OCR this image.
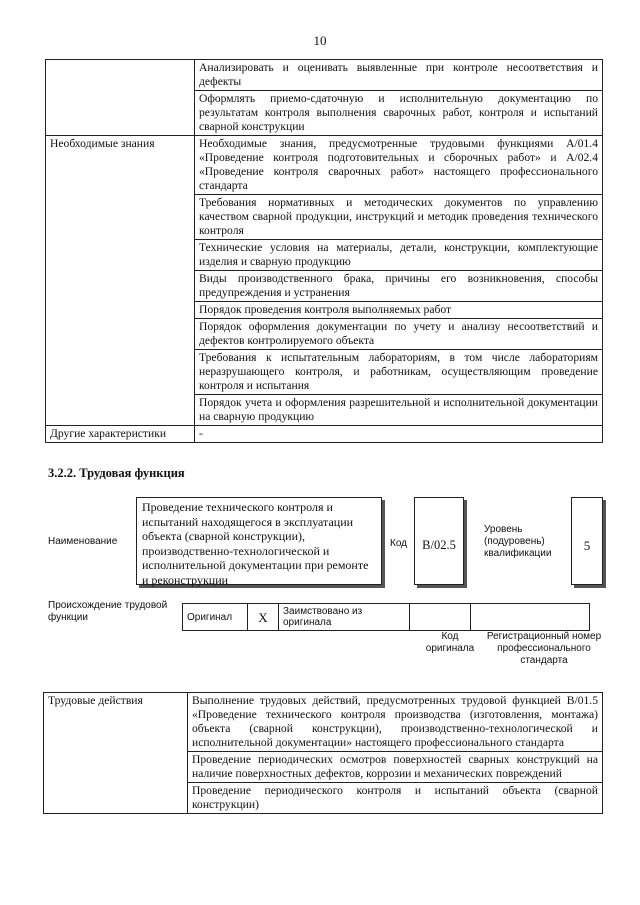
10
	Анализировать и оценивать выявленные при контроле несоответствия и дефекты
	Оформлять приемо-сдаточную и исполнительную документацию по результатам контроля выполнения сварочных работ, контроля и испытаний сварной конструкции
Необходимые знания	Необходимые знания, предусмотренные трудовыми функциями А/01.4 «Проведение контроля подготовительных и сборочных работ» и А/02.4 «Проведение контроля сварочных работ» настоящего профессионального стандарта
	Требования нормативных и методических документов по управлению качеством сварной продукции, инструкций и методик проведения технического контроля
	Технические условия на материалы, детали, конструкции, комплектующие изделия и сварную продукцию
	Виды производственного брака, причины его возникновения, способы предупреждения и устранения
	Порядок проведения контроля выполняемых работ
	Порядок оформления документации по учету и анализу несоответствий и дефектов контролируемого объекта
	Требования к испытательным лабораториям, в том числе лабораториям неразрушающего контроля, и работникам, осуществляющим проведение контроля и испытания
	Порядок учета и оформления разрешительной и исполнительной документации на сварную продукцию
Другие характеристики	-
3.2.2. Трудовая функция
Наименование
Проведение технического контроля и испытаний находящегося в эксплуатации объекта (сварной конструкции), производственно-технологической и исполнительной документации при ремонте и реконструкции
Код	B/02.5
Уровень (подуровень) квалификации
5
Происхождение трудовой функции	Оригинал	X	Заимствовано из оригинала		
Код оригинала
Регистрационный номер профессионального стандарта
Трудовые действия	Выполнение трудовых действий, предусмотренных трудовой функцией В/01.5 «Проведение технического контроля производства (изготовления, монтажа) объекта (сварной конструкции), производственно-технологической и исполнительной документации» настоящего профессионального стандарта
Проведение периодических осмотров поверхностей сварных конструкций на наличие поверхностных дефектов, коррозии и механических повреждений
Проведение периодического контроля и испытаний объекта (сварной конструкции)
